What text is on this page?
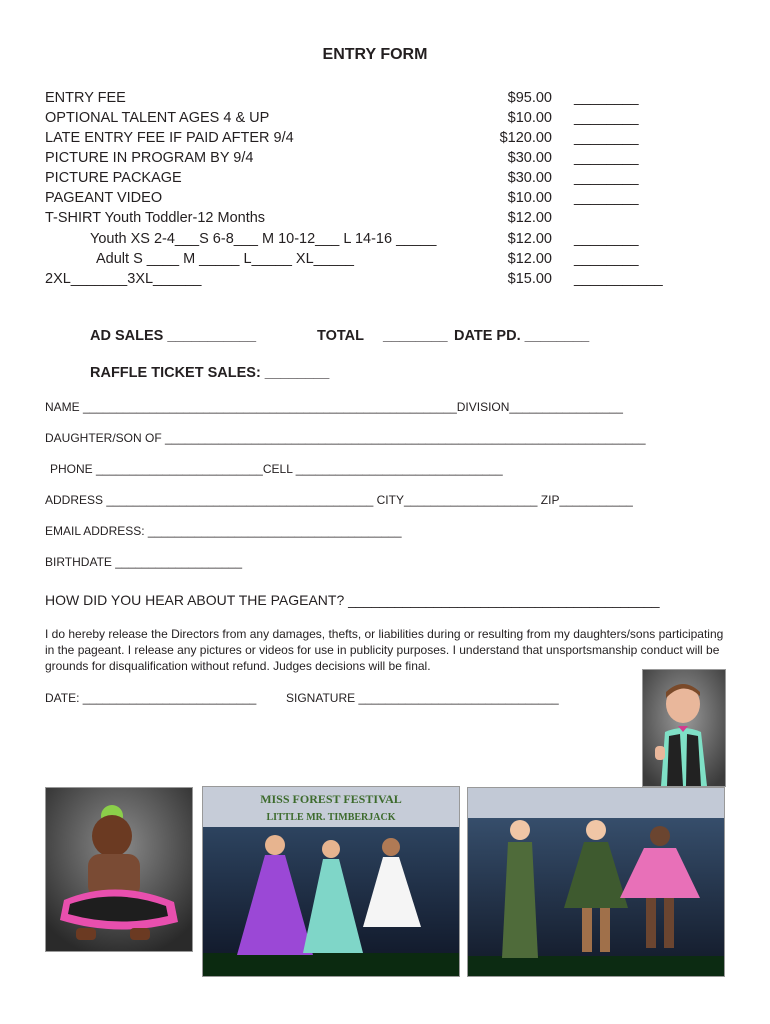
ENTRY FORM
ENTRY FEE	$95.00 ________
OPTIONAL TALENT AGES 4 & UP	$10.00 ________
LATE ENTRY FEE IF PAID AFTER 9/4	$120.00 ________
PICTURE IN PROGRAM BY 9/4	$30.00 ________
PICTURE PACKAGE	$30.00 ________
PAGEANT VIDEO	$10.00 ________
T-SHIRT Youth Toddler-12 Months	$12.00
Youth XS 2-4___S 6-8___ M 10-12___ L 14-16 _____	$12.00 ________
Adult S ____ M _____ L_____ XL_____	$12.00 ________
2XL_______3XL______	$15.00 ___________
AD SALES ___________	TOTAL ________ DATE PD. ________
RAFFLE TICKET SALES: ________
NAME ________________________________________________________DIVISION_________________
DAUGHTER/SON OF ________________________________________________________________________
PHONE _________________________CELL _______________________________
ADDRESS ________________________________________ CITY____________________ ZIP___________
EMAIL ADDRESS: ______________________________________
BIRTHDATE ___________________
HOW DID YOU HEAR ABOUT THE PAGEANT? ________________________________________
I do hereby release the Directors from any damages, thefts, or liabilities during or resulting from my daughters/sons participating in the pageant. I release any pictures or videos for use in publicity purposes. I understand that unsportsmanship conduct will be grounds for disqualification without refund. Judges decisions will be final.
DATE: __________________________ SIGNATURE ______________________________
MISS FOREST FESTIVAL
LITTLE MR. TIMBERJACK
